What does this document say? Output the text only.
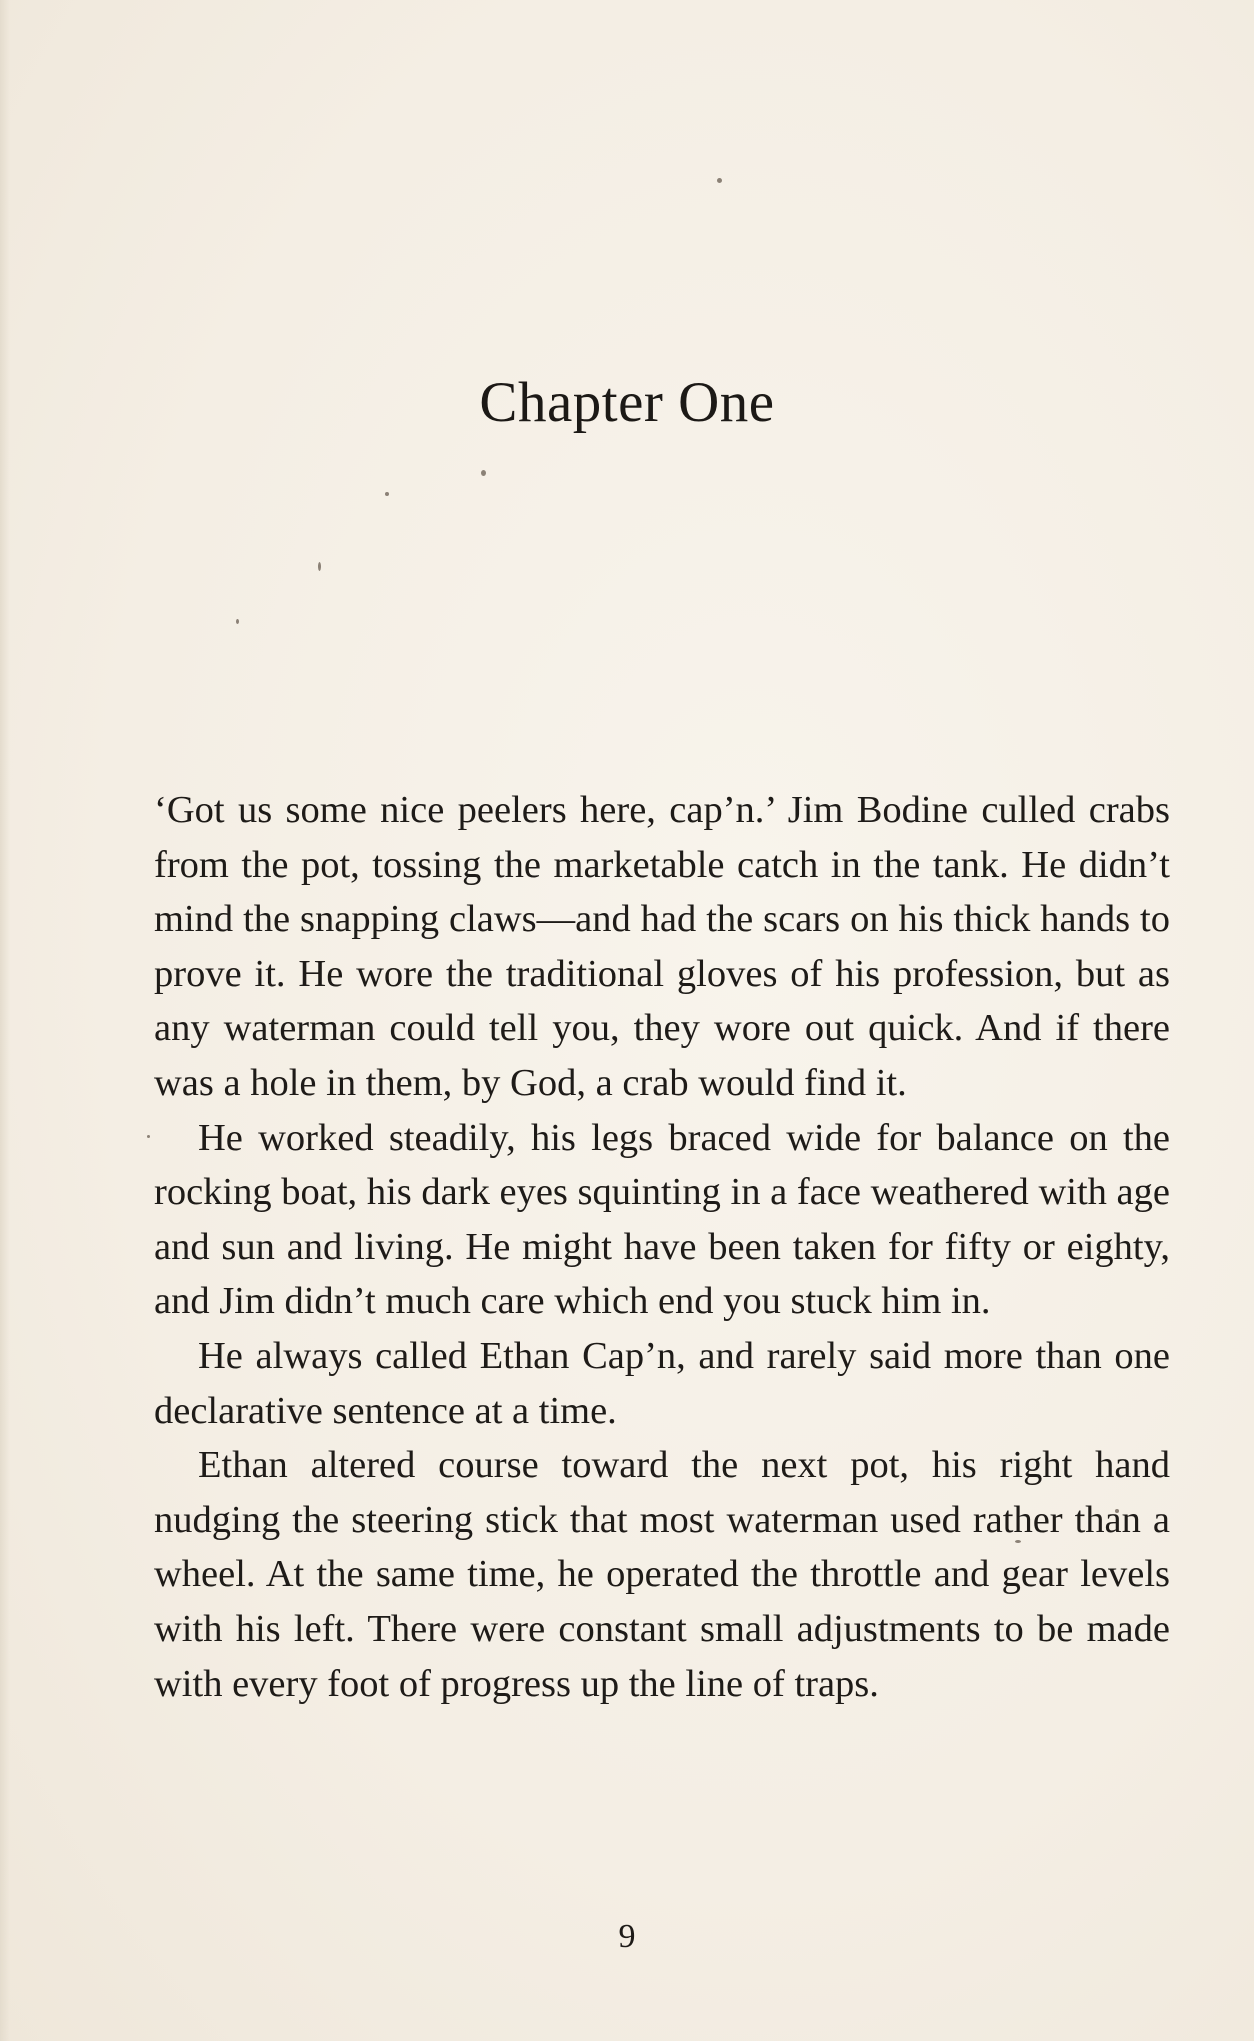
Chapter One

‘Got us some nice peelers here, cap’n.’ Jim Bodine culled crabs from the pot, tossing the marketable catch in the tank. He didn’t mind the snapping claws—and had the scars on his thick hands to prove it. He wore the traditional gloves of his profession, but as any waterman could tell you, they wore out quick. And if there was a hole in them, by God, a crab would find it.

He worked steadily, his legs braced wide for balance on the rocking boat, his dark eyes squinting in a face weathered with age and sun and living. He might have been taken for fifty or eighty, and Jim didn’t much care which end you stuck him in.

He always called Ethan Cap’n, and rarely said more than one declarative sentence at a time.

Ethan altered course toward the next pot, his right hand nudging the steering stick that most waterman used rather than a wheel. At the same time, he operated the throttle and gear levels with his left. There were constant small adjustments to be made with every foot of progress up the line of traps.

9
